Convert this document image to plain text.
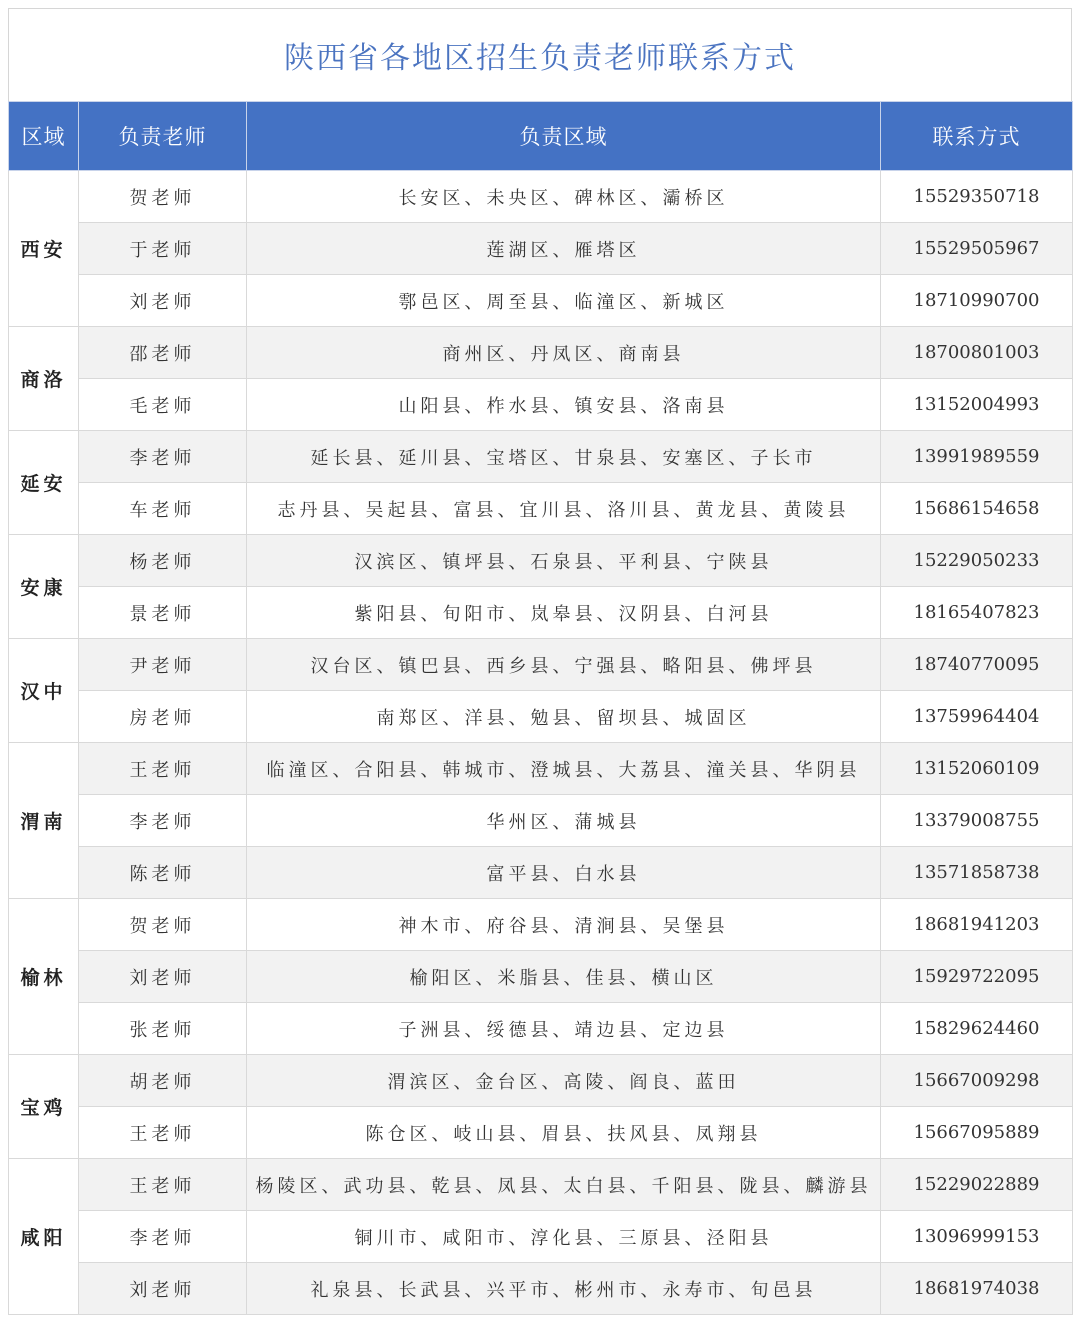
陕西省各地区招生负责老师联系方式
区域	负责老师	负责区域	联系方式
西安	贺老师	长安区、未央区、碑林区、灞桥区	15529350718
	于老师	莲湖区、雁塔区	15529505967
	刘老师	鄠邑区、周至县、临潼区、新城区	18710990700
商洛	邵老师	商州区、丹凤区、商南县	18700801003
	毛老师	山阳县、柞水县、镇安县、洛南县	13152004993
延安	李老师	延长县、延川县、宝塔区、甘泉县、安塞区、子长市	13991989559
	车老师	志丹县、吴起县、富县、宜川县、洛川县、黄龙县、黄陵县	15686154658
安康	杨老师	汉滨区、镇坪县、石泉县、平利县、宁陕县	15229050233
	景老师	紫阳县、旬阳市、岚皋县、汉阴县、白河县	18165407823
汉中	尹老师	汉台区、镇巴县、西乡县、宁强县、略阳县、佛坪县	18740770095
	房老师	南郑区、洋县、勉县、留坝县、城固区	13759964404
渭南	王老师	临潼区、合阳县、韩城市、澄城县、大荔县、潼关县、华阴县	13152060109
	李老师	华州区、蒲城县	13379008755
	陈老师	富平县、白水县	13571858738
榆林	贺老师	神木市、府谷县、清涧县、吴堡县	18681941203
	刘老师	榆阳区、米脂县、佳县、横山区	15929722095
	张老师	子洲县、绥德县、靖边县、定边县	15829624460
宝鸡	胡老师	渭滨区、金台区、高陵、阎良、蓝田	15667009298
	王老师	陈仓区、岐山县、眉县、扶风县、凤翔县	15667095889
咸阳	王老师	杨陵区、武功县、乾县、凤县、太白县、千阳县、陇县、麟游县	15229022889
	李老师	铜川市、咸阳市、淳化县、三原县、泾阳县	13096999153
	刘老师	礼泉县、长武县、兴平市、彬州市、永寿市、旬邑县	18681974038
